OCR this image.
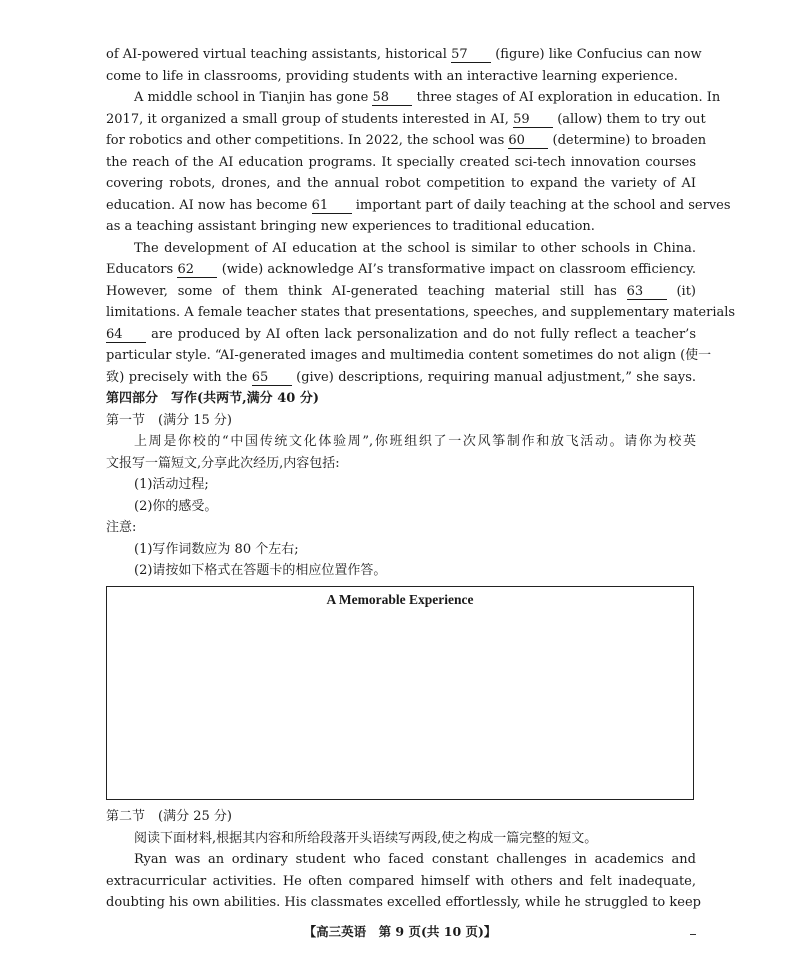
of AI-powered virtual teaching assistants, historical 57 (figure) like Confucius can now
come to life in classrooms, providing students with an interactive learning experience.
A middle school in Tianjin has gone 58 three stages of AI exploration in education. In
2017, it organized a small group of students interested in AI, 59 (allow) them to try out
for robotics and other competitions. In 2022, the school was 60 (determine) to broaden
the reach of the AI education programs. It specially created sci-tech innovation courses
covering robots, drones, and the annual robot competition to expand the variety of AI
education. AI now has become 61 important part of daily teaching at the school and serves
as a teaching assistant bringing new experiences to traditional education.
The development of AI education at the school is similar to other schools in China.
Educators 62 (wide) acknowledge AI’s transformative impact on classroom efficiency.
However, some of them think AI-generated teaching material still has 63 (it)
limitations. A female teacher states that presentations, speeches, and supplementary materials
64 are produced by AI often lack personalization and do not fully reflect a teacher’s
particular style. “AI-generated images and multimedia content sometimes do not align (使一
致) precisely with the 65 (give) descriptions, requiring manual adjustment,” she says.
第四部分　写作(共两节,满分 40 分)
第一节　(满分 15 分)
上周是你校的“中国传统文化体验周”,你班组织了一次风筝制作和放飞活动。请你为校英
文报写一篇短文,分享此次经历,内容包括:
(1)活动过程;
(2)你的感受。
注意:
(1)写作词数应为 80 个左右;
(2)请按如下格式在答题卡的相应位置作答。
A Memorable Experience
第二节　(满分 25 分)
阅读下面材料,根据其内容和所给段落开头语续写两段,使之构成一篇完整的短文。
Ryan was an ordinary student who faced constant challenges in academics and
extracurricular activities. He often compared himself with others and felt inadequate,
doubting his own abilities. His classmates excelled effortlessly, while he struggled to keep
【高三英语　第 9 页(共 10 页)】
